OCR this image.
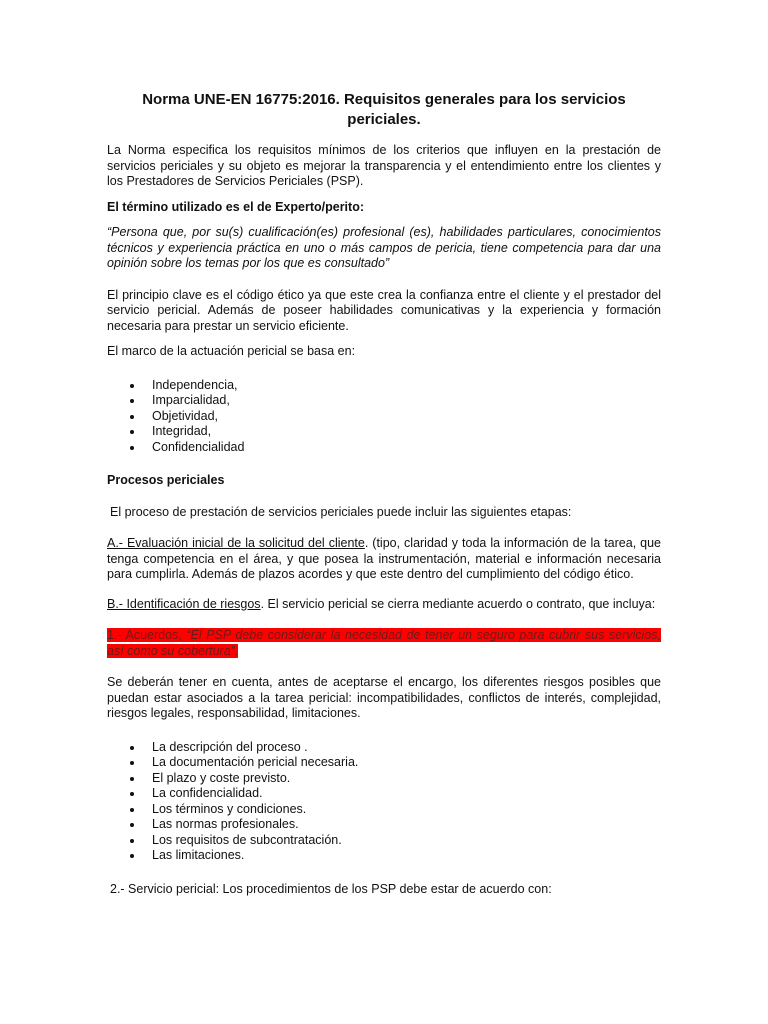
Norma UNE-EN 16775:2016. Requisitos generales para los servicios periciales.

La Norma especifica los requisitos mínimos de los criterios que influyen en la prestación de servicios periciales y su objeto es mejorar la transparencia y el entendimiento entre los clientes y los Prestadores de Servicios Periciales (PSP).

El término utilizado es el de Experto/perito:

“Persona que, por su(s) cualificación(es) profesional (es), habilidades particulares, conocimientos técnicos y experiencia práctica en uno o más campos de pericia, tiene competencia para dar una opinión sobre los temas por los que es consultado”

El principio clave es el código ético ya que este crea la confianza entre el cliente y el prestador del servicio pericial. Además de poseer habilidades comunicativas y la experiencia y formación necesaria para prestar un servicio eficiente.

El marco de la actuación pericial se basa en:

Independencia,
Imparcialidad,
Objetividad,
Integridad,
Confidencialidad

Procesos periciales

El proceso de prestación de servicios periciales puede incluir las siguientes etapas:

A.- Evaluación inicial de la solicitud del cliente. (tipo, claridad y toda la información de la tarea, que tenga competencia en el área, y que posea la instrumentación, material e información necesaria para cumplirla. Además de plazos acordes y que este dentro del cumplimiento del código ético.

B.- Identificación de riesgos. El servicio pericial se cierra mediante acuerdo o contrato, que incluya:

1.- Acuerdos, “El PSP debe considerar la necesidad de tener un seguro para cubrir sus servicios, así como su cobertura”.

Se deberán tener en cuenta, antes de aceptarse el encargo, los diferentes riesgos posibles que puedan estar asociados a la tarea pericial: incompatibilidades, conflictos de interés, complejidad, riesgos legales, responsabilidad, limitaciones.

La descripción del proceso .
La documentación pericial necesaria.
El plazo y coste previsto.
La confidencialidad.
Los términos y condiciones.
Las normas profesionales.
Los requisitos de subcontratación.
Las limitaciones.

2.- Servicio pericial: Los procedimientos de los PSP debe estar de acuerdo con:
